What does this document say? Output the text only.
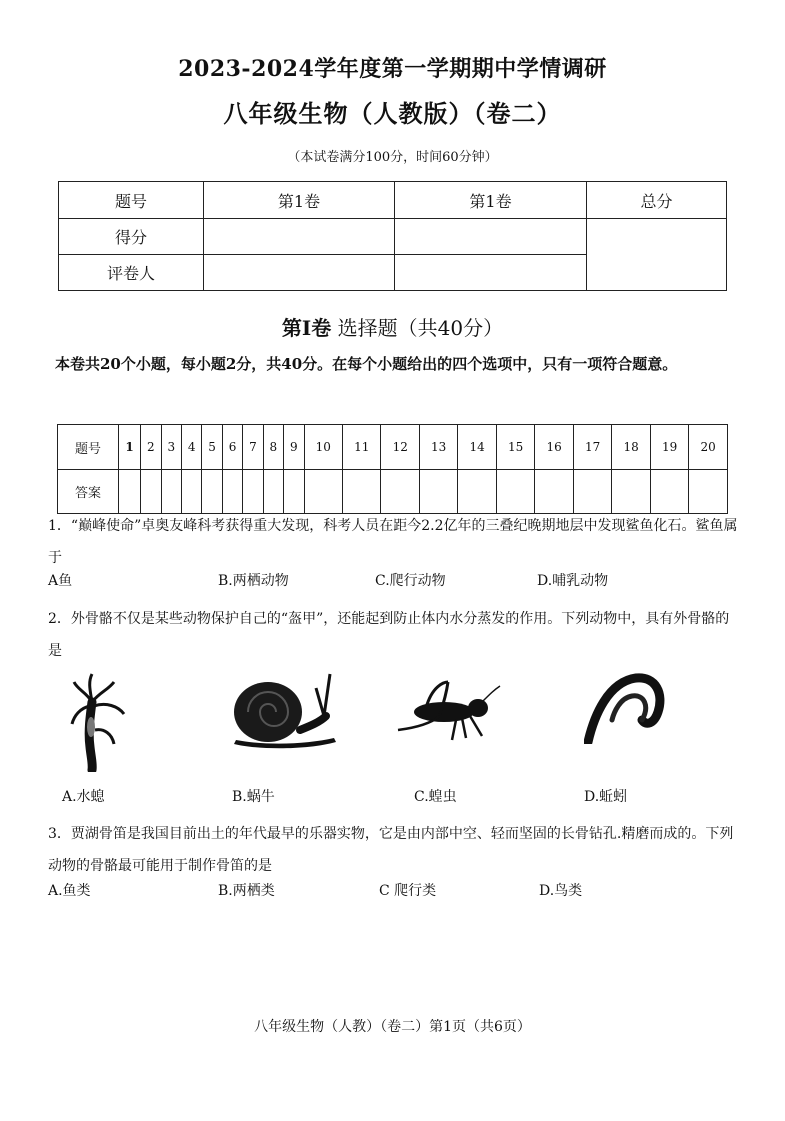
2023-2024学年度第一学期期中学情调研
八年级生物（人教版）（卷二）
（本试卷满分100分，时间60分钟）
题号	第1卷	第1卷	总分
得分			
评卷人			
第Ⅰ卷 选择题（共40分）
本卷共20个小题，每小题2分，共40分。在每个小题给出的四个选项中，只有一项符合题意。
题号	1	2	3	4	5	6	7	8	9	10	11	12	13	14	15	16	17	18	19	20
答案																				
1．“巅峰使命”卓奥友峰科考获得重大发现，科考人员在距今2.2亿年的三叠纪晚期地层中发现鲨鱼化石。鲨鱼属于
A鱼	B.两栖动物	C.爬行动物	D.哺乳动物
2．外骨骼不仅是某些动物保护自己的“盔甲”，还能起到防止体内水分蒸发的作用。下列动物中，具有外骨骼的是
A.水螅	B.蜗牛	C.蝗虫	D.蚯蚓
3．贾湖骨笛是我国目前出土的年代最早的乐器实物，它是由内部中空、轻而坚固的长骨钻孔.精磨而成的。下列动物的骨骼最可能用于制作骨笛的是
A.鱼类	B.两栖类	C 爬行类	D.鸟类
八年级生物（人教）（卷二）第1页（共6页）
